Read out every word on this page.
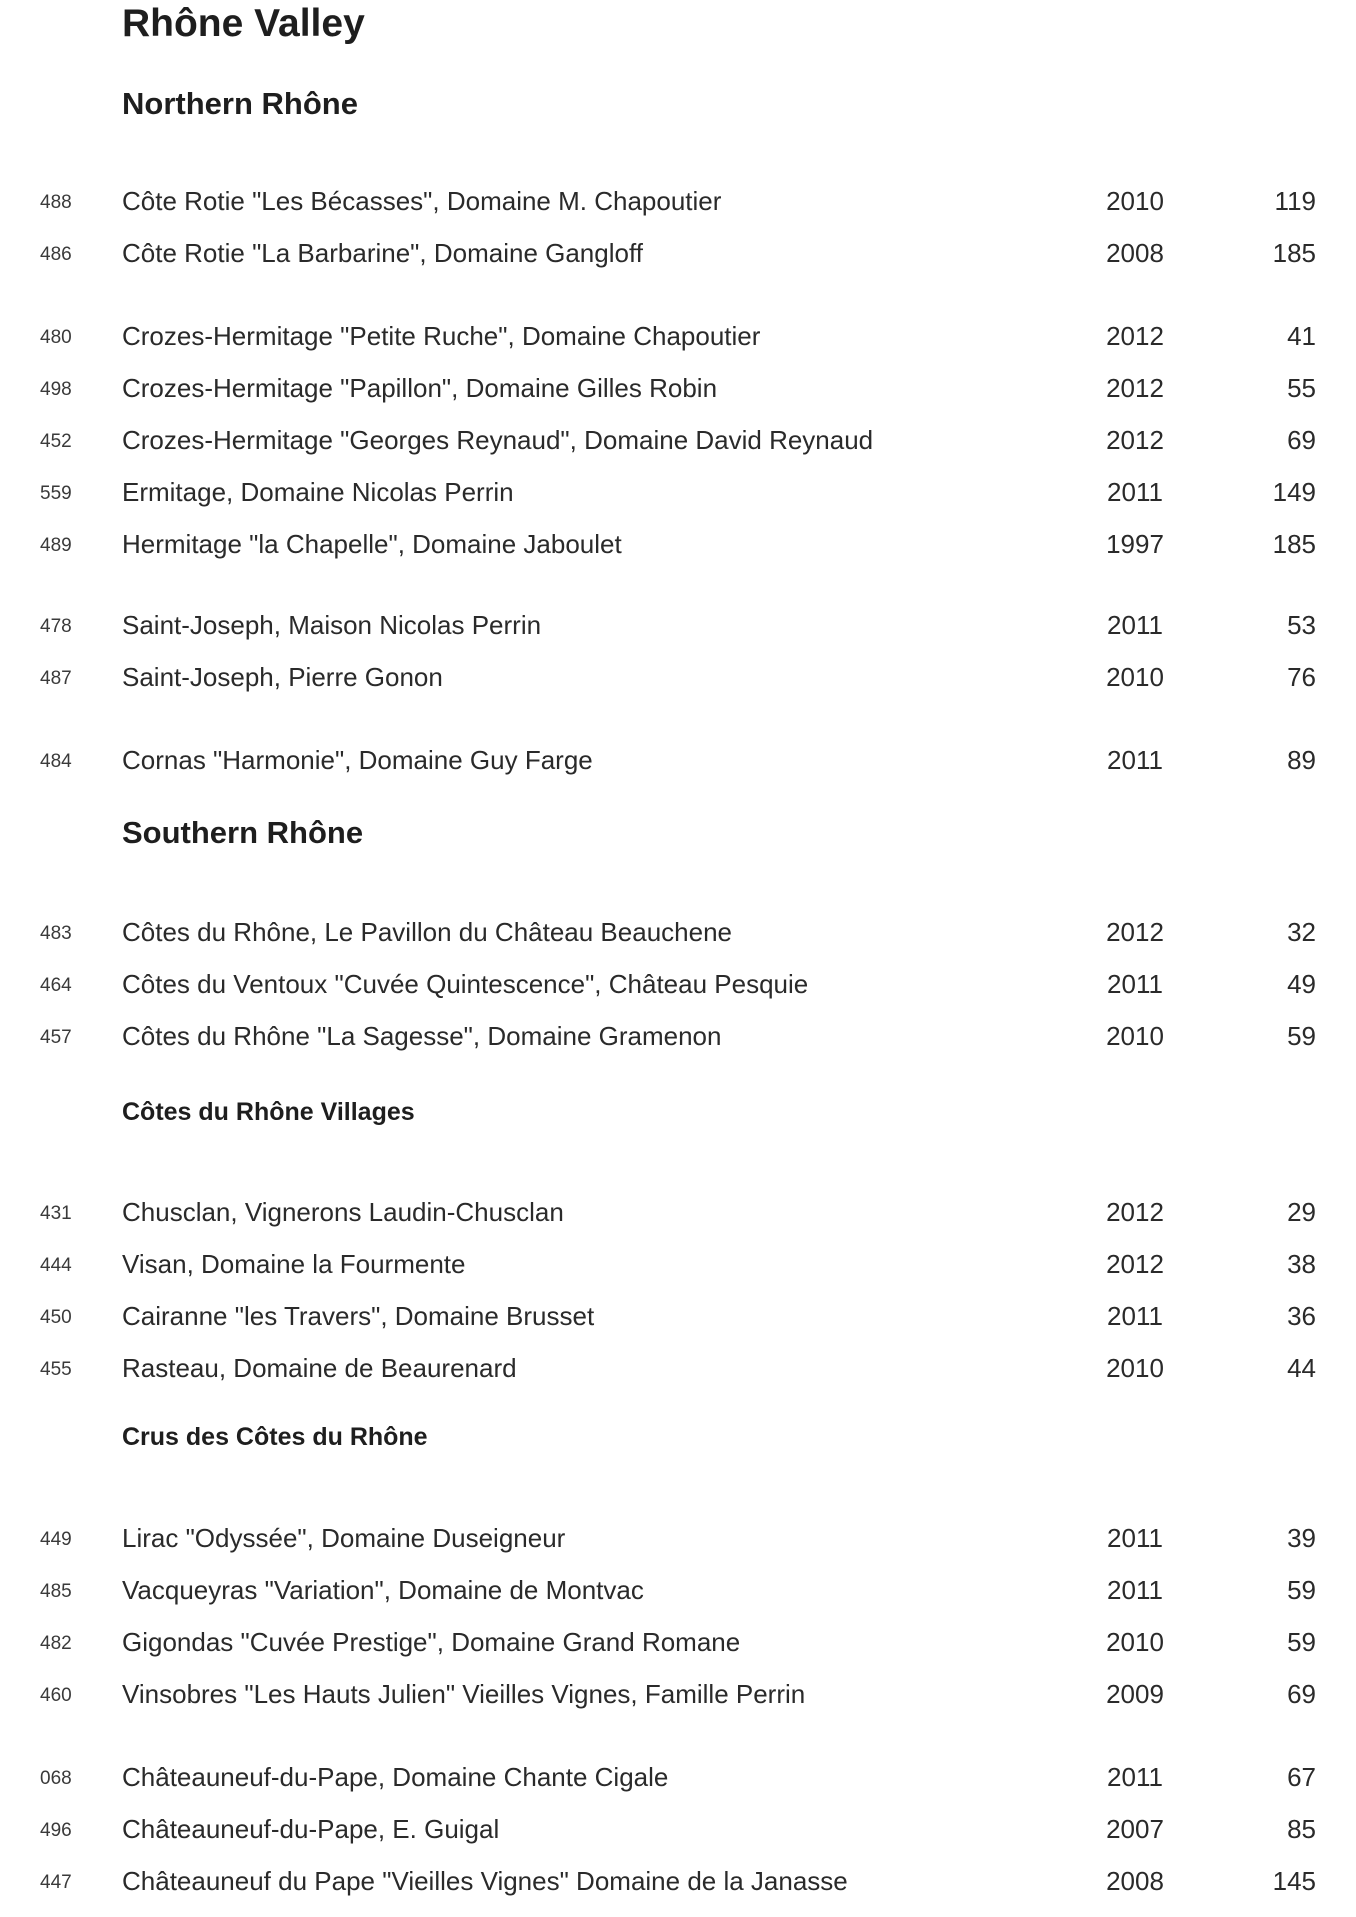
Rhône Valley
Northern Rhône
488 Côte Rotie "Les Bécasses", Domaine M. Chapoutier	2010	119
486 Côte Rotie "La Barbarine", Domaine Gangloff	2008	185
480 Crozes-Hermitage "Petite Ruche", Domaine Chapoutier	2012	41
498 Crozes-Hermitage "Papillon", Domaine Gilles Robin	2012	55
452 Crozes-Hermitage "Georges Reynaud", Domaine David Reynaud	2012	69
559 Ermitage, Domaine Nicolas Perrin	2011	149
489 Hermitage "la Chapelle", Domaine Jaboulet	1997	185
478 Saint-Joseph, Maison Nicolas Perrin	2011	53
487 Saint-Joseph, Pierre Gonon	2010	76
484 Cornas "Harmonie", Domaine Guy Farge	2011	89
Southern Rhône
483 Côtes du Rhône, Le Pavillon du Château Beauchene	2012	32
464 Côtes du Ventoux "Cuvée Quintescence", Château Pesquie	2011	49
457 Côtes du Rhône "La Sagesse", Domaine Gramenon	2010	59
Côtes du Rhône Villages
431 Chusclan, Vignerons Laudin-Chusclan	2012	29
444 Visan, Domaine la Fourmente	2012	38
450 Cairanne "les Travers", Domaine Brusset	2011	36
455 Rasteau, Domaine de Beaurenard	2010	44
Crus des Côtes du Rhône
449 Lirac "Odyssée", Domaine Duseigneur	2011	39
485 Vacqueyras "Variation", Domaine de Montvac	2011	59
482 Gigondas "Cuvée Prestige", Domaine Grand Romane	2010	59
460 Vinsobres "Les Hauts Julien" Vieilles Vignes, Famille Perrin	2009	69
068 Châteauneuf-du-Pape, Domaine Chante Cigale	2011	67
496 Châteauneuf-du-Pape, E. Guigal	2007	85
447 Châteauneuf du Pape "Vieilles Vignes" Domaine de la Janasse	2008	145
